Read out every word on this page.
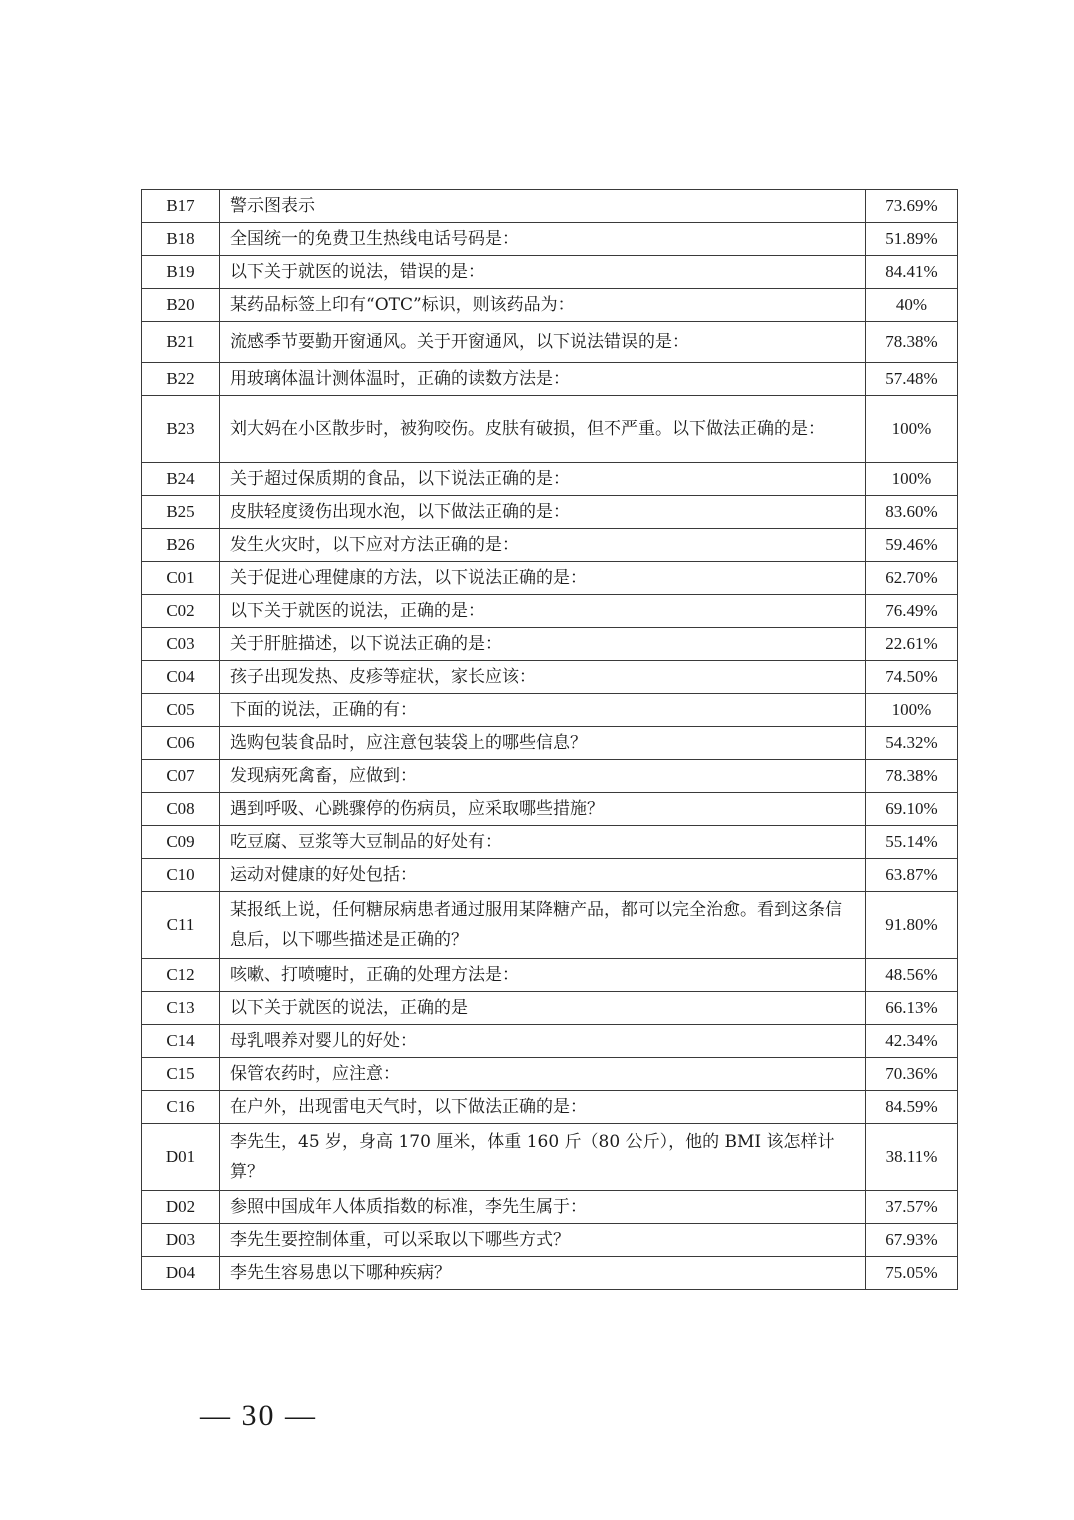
B17	警示图表示	73.69%
B18	全国统一的免费卫生热线电话号码是：	51.89%
B19	以下关于就医的说法，错误的是：	84.41%
B20	某药品标签上印有“OTC”标识，则该药品为：	40%
B21	流感季节要勤开窗通风。关于开窗通风，以下说法错误的是：	78.38%
B22	用玻璃体温计测体温时，正确的读数方法是：	57.48%
B23	刘大妈在小区散步时，被狗咬伤。皮肤有破损，但不严重。以下做法正确的是：	100%
B24	关于超过保质期的食品，以下说法正确的是：	100%
B25	皮肤轻度烫伤出现水泡，以下做法正确的是：	83.60%
B26	发生火灾时，以下应对方法正确的是：	59.46%
C01	关于促进心理健康的方法，以下说法正确的是：	62.70%
C02	以下关于就医的说法，正确的是：	76.49%
C03	关于肝脏描述，以下说法正确的是：	22.61%
C04	孩子出现发热、皮疹等症状，家长应该：	74.50%
C05	下面的说法，正确的有：	100%
C06	选购包装食品时，应注意包装袋上的哪些信息？	54.32%
C07	发现病死禽畜，应做到：	78.38%
C08	遇到呼吸、心跳骤停的伤病员，应采取哪些措施？	69.10%
C09	吃豆腐、豆浆等大豆制品的好处有：	55.14%
C10	运动对健康的好处包括：	63.87%
C11	某报纸上说，任何糖尿病患者通过服用某降糖产品，都可以完全治愈。看到这条信息后，以下哪些描述是正确的？	91.80%
C12	咳嗽、打喷嚏时，正确的处理方法是：	48.56%
C13	以下关于就医的说法，正确的是	66.13%
C14	母乳喂养对婴儿的好处：	42.34%
C15	保管农药时，应注意：	70.36%
C16	在户外，出现雷电天气时，以下做法正确的是：	84.59%
D01	李先生，45 岁，身高 170 厘米，体重 160 斤（80 公斤），他的 BMI 该怎样计算？	38.11%
D02	参照中国成年人体质指数的标准，李先生属于：	37.57%
D03	李先生要控制体重，可以采取以下哪些方式？	67.93%
D04	李先生容易患以下哪种疾病？	75.05%
— 30 —
